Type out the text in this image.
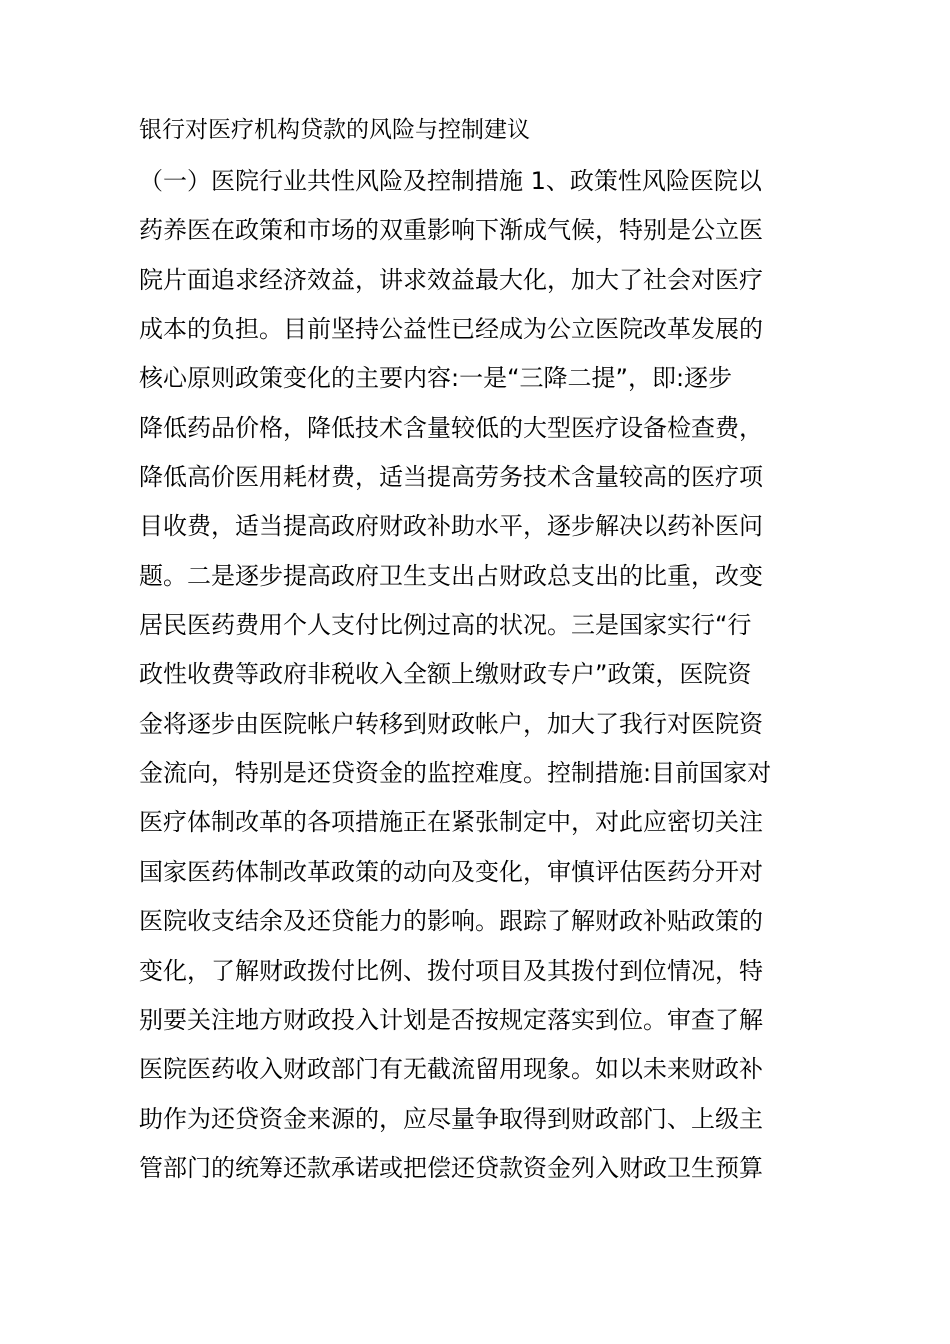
银行对医疗机构贷款的风险与控制建议
（一）医院行业共性风险及控制措施 1、政策性风险医院以
药养医在政策和市场的双重影响下渐成气候，特别是公立医
院片面追求经济效益，讲求效益最大化，加大了社会对医疗
成本的负担。目前坚持公益性已经成为公立医院改革发展的
核心原则政策变化的主要内容:一是“三降二提”，即:逐步
降低药品价格，降低技术含量较低的大型医疗设备检查费，
降低高价医用耗材费，适当提高劳务技术含量较高的医疗项
目收费，适当提高政府财政补助水平，逐步解决以药补医问
题。二是逐步提高政府卫生支出占财政总支出的比重，改变
居民医药费用个人支付比例过高的状况。三是国家实行“行
政性收费等政府非税收入全额上缴财政专户”政策，医院资
金将逐步由医院帐户转移到财政帐户，加大了我行对医院资
金流向，特别是还贷资金的监控难度。控制措施:目前国家对
医疗体制改革的各项措施正在紧张制定中，对此应密切关注
国家医药体制改革政策的动向及变化，审慎评估医药分开对
医院收支结余及还贷能力的影响。跟踪了解财政补贴政策的
变化，了解财政拨付比例、拨付项目及其拨付到位情况，特
别要关注地方财政投入计划是否按规定落实到位。审查了解
医院医药收入财政部门有无截流留用现象。如以未来财政补
助作为还贷资金来源的，应尽量争取得到财政部门、上级主
管部门的统筹还款承诺或把偿还贷款资金列入财政卫生预算
